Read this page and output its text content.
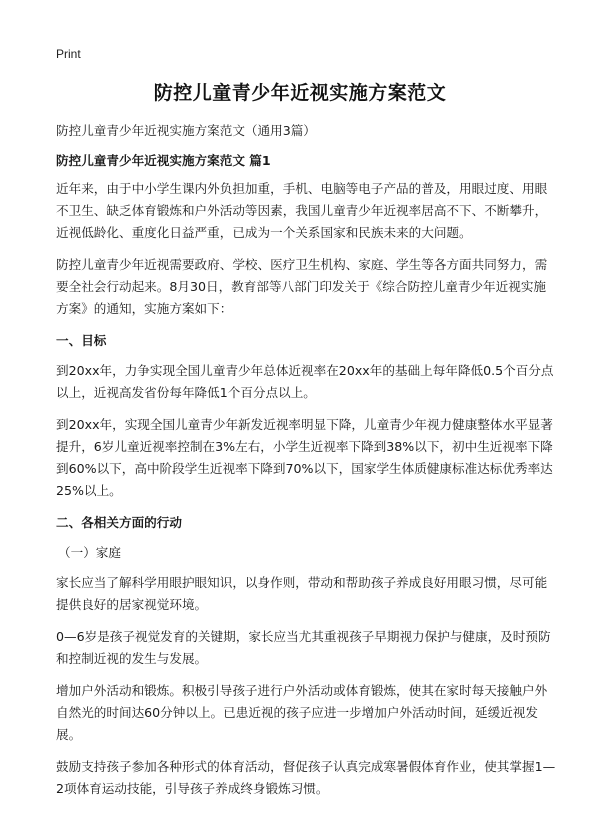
Print
防控儿童青少年近视实施方案范文

防控儿童青少年近视实施方案范文（通用3篇）

防控儿童青少年近视实施方案范文 篇1

近年来，由于中小学生课内外负担加重，手机、电脑等电子产品的普及，用眼过度、用眼不卫生、缺乏体育锻炼和户外活动等因素，我国儿童青少年近视率居高不下、不断攀升，近视低龄化、重度化日益严重，已成为一个关系国家和民族未来的大问题。

防控儿童青少年近视需要政府、学校、医疗卫生机构、家庭、学生等各方面共同努力，需要全社会行动起来。8月30日，教育部等八部门印发关于《综合防控儿童青少年近视实施方案》的通知，实施方案如下：

一、目标

到20xx年，力争实现全国儿童青少年总体近视率在20xx年的基础上每年降低0.5个百分点以上，近视高发省份每年降低1个百分点以上。

到20xx年，实现全国儿童青少年新发近视率明显下降，儿童青少年视力健康整体水平显著提升，6岁儿童近视率控制在3%左右，小学生近视率下降到38%以下，初中生近视率下降到60%以下，高中阶段学生近视率下降到70%以下，国家学生体质健康标准达标优秀率达25%以上。

二、各相关方面的行动

（一）家庭

家长应当了解科学用眼护眼知识，以身作则，带动和帮助孩子养成良好用眼习惯，尽可能提供良好的居家视觉环境。

0—6岁是孩子视觉发育的关键期，家长应当尤其重视孩子早期视力保护与健康，及时预防和控制近视的发生与发展。

增加户外活动和锻炼。积极引导孩子进行户外活动或体育锻炼，使其在家时每天接触户外自然光的时间达60分钟以上。已患近视的孩子应进一步增加户外活动时间，延缓近视发展。

鼓励支持孩子参加各种形式的体育活动，督促孩子认真完成寒暑假体育作业，使其掌握1—2项体育运动技能，引导孩子养成终身锻炼习惯。
